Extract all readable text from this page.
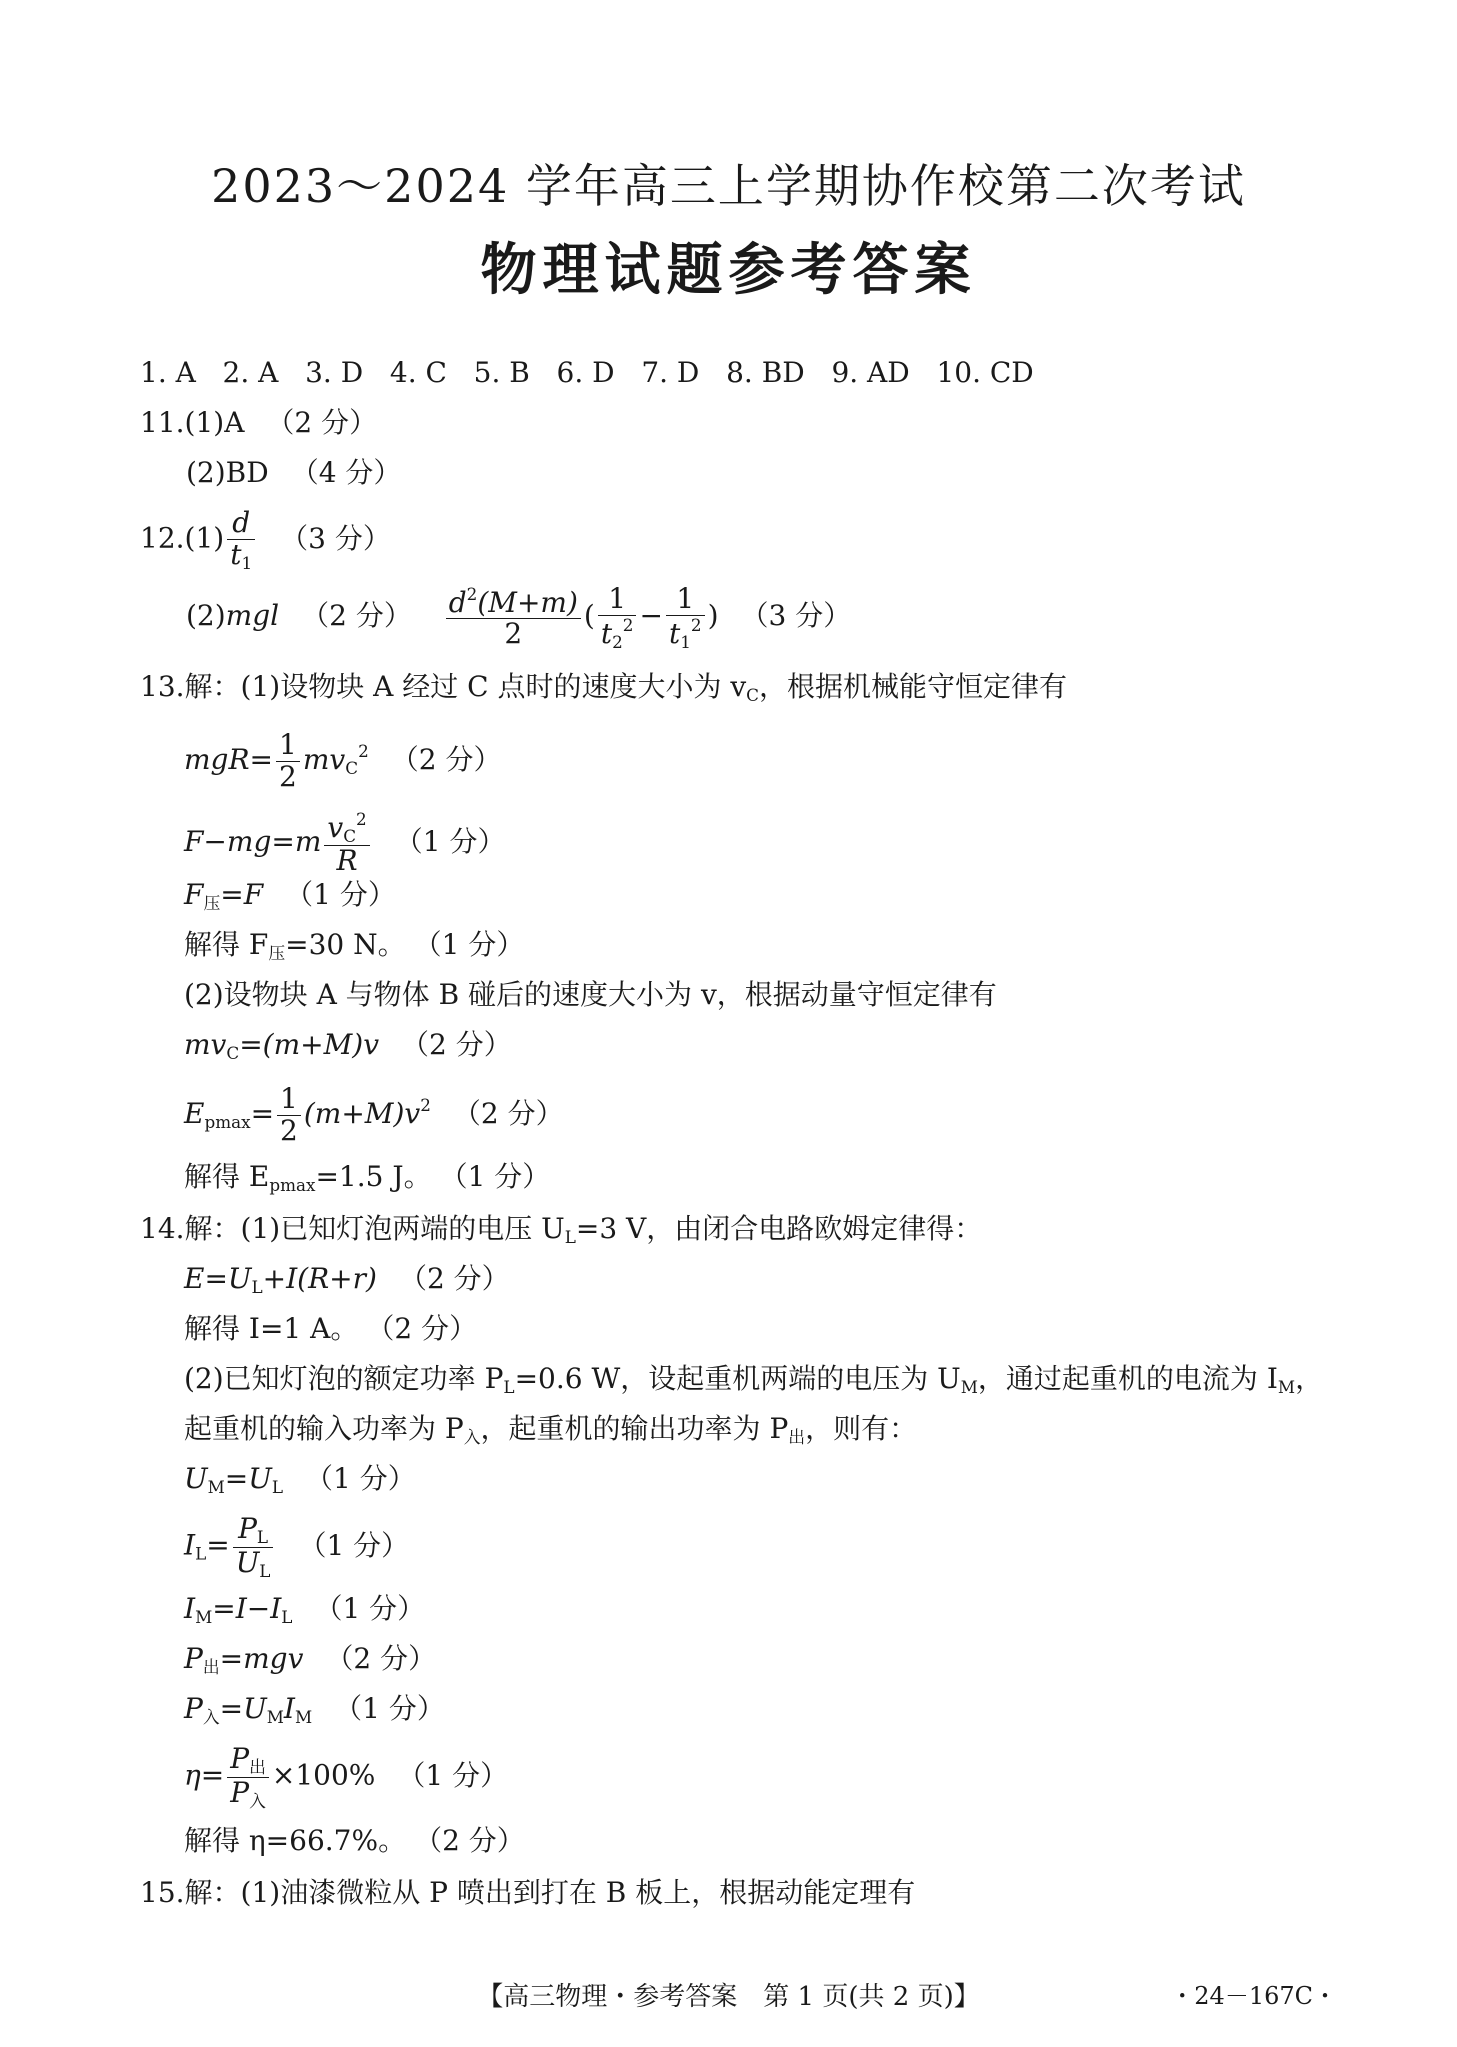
2023～2024 学年高三上学期协作校第二次考试
物理试题参考答案
1. A 2. A 3. D 4. C 5. B 6. D 7. D 8. BD 9. AD 10. CD
11.(1)A （2 分）
(2)BD （4 分）
$12.(1) \frac{d}{t_1} (3$ 分）
(2)mgl （2 分） $\frac{d^2(M+m)}{2}$ ( $\frac{1}{t_2^2} - \frac{1}{t_1^2}$ ) （3 分）
13.解：(1)设物块 A 经过 C 点时的速度大小为 $v_C$，根据机械能守恒定律有
$mgR= \frac{1}{2} mv_C^2$ （2 分）
$F-mg=m \frac{v_C^2}{R} (1$ 分）
$F_压=F$ （1 分）
解得 $F_压=30$ N。 （1 分）
(2)设物块 A 与物体 B 碰后的速度大小为 v，根据动量守恒定律有
$mv_C=(m+M)v$ （2 分）
$E_{pmax}= \frac{1}{2} (m+M)v^2$ （2 分）
解得 $E_{pmax}=1.5$ J。 （1 分）
14.解：(1)已知灯泡两端的电压 $U_L=3$ V，由闭合电路欧姆定律得：
$E=U_L+I(R+r)$ （2 分）
解得 I=1 A。 （2 分）
(2)已知灯泡的额定功率 $P_L=0.6$ W，设起重机两端的电压为 $U_M$，通过起重机的电流为 $I_M$，
起重机的输入功率为 $P_入$，起重机的输出功率为 $P_出$，则有：
$U_M=U_L$ （1 分）
$I_L= \frac{P_L}{U_L} (1$ 分）
$I_M=I-I_L$ （1 分）
$P_出=mgv$ （2 分）
$P_入=U_MI_M$ （1 分）
$\eta= \frac{P_出}{P_入} \times 100\%$ （1 分）
解得 η=66.7%。 （2 分）
15.解：(1)油漆微粒从 P 喷出到打在 B 板上，根据动能定理有
【高三物理・参考答案　第 1 页(共 2 页)】	・24－167C・
